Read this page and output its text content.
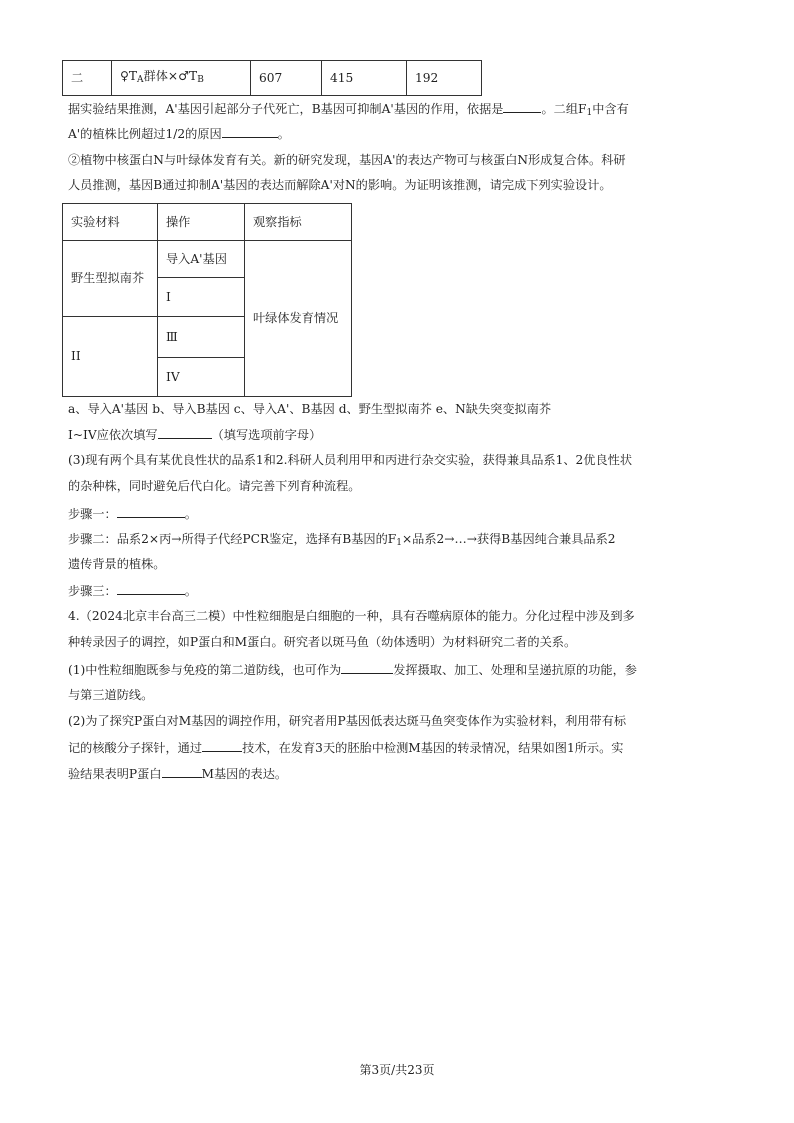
二	$♀T_A$群体$\times♂T_B$	607	415	192
据实验结果推测，A'基因引起部分子代死亡，B基因可抑制A'基因的作用，依据是	。二组$F_1$中含有
A'的植株比例超过1/2的原因	。
②植物中核蛋白N与叶绿体发育有关。新的研究发现，基因A'的表达产物可与核蛋白N形成复合体。科研
人员推测，基因B通过抑制A'基因的表达而解除A'对N的影响。为证明该推测，请完成下列实验设计。
实验材料	操作	观察指标
野生型拟南芥	导入A'基因	叶绿体发育情况
	I	
II	Ⅲ	
	IV	
a、导入A'基因 b、导入B基因 c、导入A'、B基因 d、野生型拟南芥 e、N缺失突变拟南芥
I~IV应依次填写	（填写选项前字母）
(3)现有两个具有某优良性状的品系1和2.科研人员利用甲和丙进行杂交实验，获得兼具品系1、2优良性状
的杂种株，同时避免后代白化。请完善下列育种流程。
步骤一：	。
步骤二：品系2×丙→所得子代经PCR鉴定，选择有B基因的$F_1\times$品系2→…→获得B基因纯合兼具品系2
遗传背景的植株。
步骤三：	。
4.（2024北京丰台高三二模）中性粒细胞是白细胞的一种，具有吞噬病原体的能力。分化过程中涉及到多
种转录因子的调控，如P蛋白和M蛋白。研究者以斑马鱼（幼体透明）为材料研究二者的关系。
(1)中性粒细胞既参与免疫的第二道防线，也可作为	发挥摄取、加工、处理和呈递抗原的功能，参
与第三道防线。
(2)为了探究P蛋白对M基因的调控作用，研究者用P基因低表达斑马鱼突变体作为实验材料，利用带有标
记的核酸分子探针，通过	技术，在发育3天的胚胎中检测M基因的转录情况，结果如图1所示。实
验结果表明P蛋白	M基因的表达。
第3页/共23页
